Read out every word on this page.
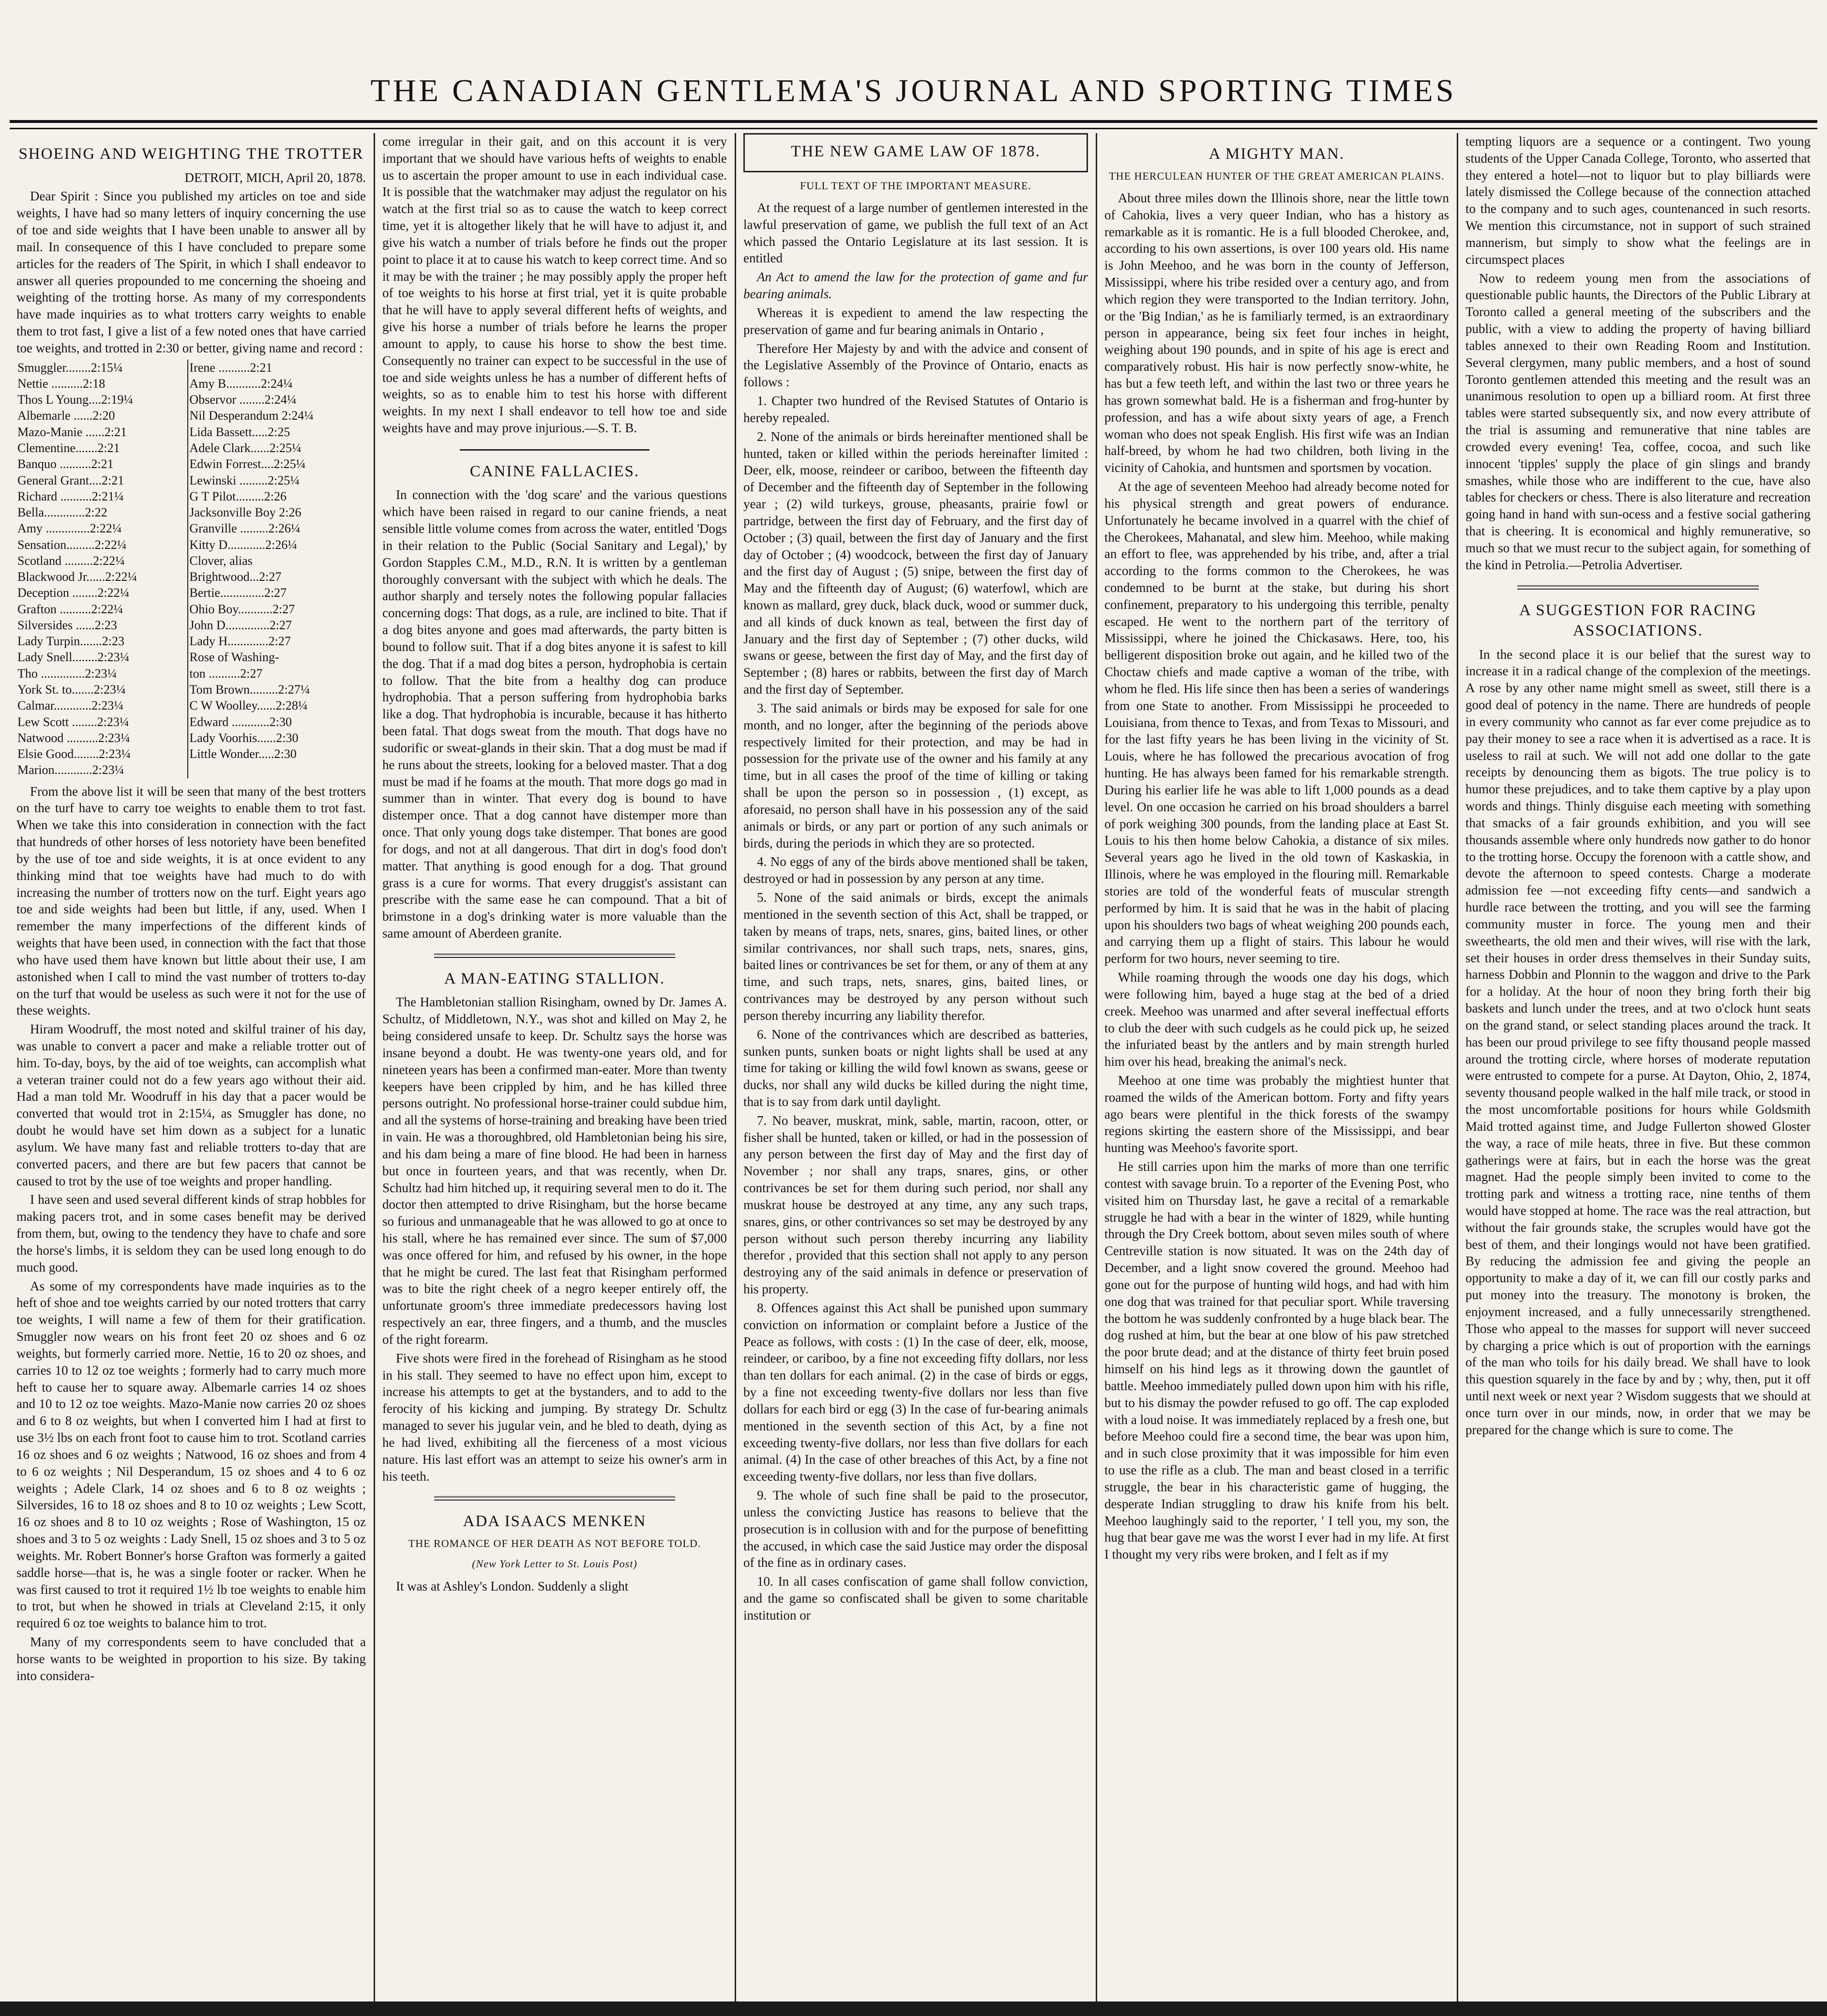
THE CANADIAN GENTLEMA'S JOURNAL AND SPORTING TIMES
SHOEING AND WEIGHTING THE TROTTER

DETROIT, MICH, April 20, 1878.

Dear Spirit : Since you published my articles on toe and side weights, I have had so many letters of inquiry concerning the use of toe and side weights that I have been unable to answer all by mail. In consequence of this I have concluded to prepare some articles for the readers of The Spirit, in which I shall endeavor to answer all queries propounded to me concerning the shoeing and weighting of the trotting horse. As many of my correspondents have made inquiries as to what trotters carry weights to enable them to trot fast, I give a list of a few noted ones that have carried toe weights, and trotted in 2:30 or better, giving name and record :

Smuggler........2:15¼	Irene ..........2:21
Nettie ..........2:18	Amy B...........2:24¼
Thos L Young....2:19¼	Observor ........2:24¼
Albemarle ......2:20	Nil Desperandum 2:24¼
Mazo-Manie ......2:21	Lida Bassett.....2:25
Clementine.......2:21	Adele Clark......2:25¼
Banquo ..........2:21	Edwin Forrest....2:25¼
General Grant....2:21	Lewinski .........2:25¼
Richard ..........2:21¼	G T Pilot.........2:26
Bella.............2:22	Jacksonville Boy 2:26
Amy ..............2:22¼	Granville .........2:26¼
Sensation.........2:22¼	Kitty D............2:26¼
Scotland .........2:22¼	Clover, alias
Blackwood Jr......2:22¼	Brightwood...2:27
Deception ........2:22¼	Bertie..............2:27
Grafton ..........2:22¼	Ohio Boy...........2:27
Silversides ......2:23	John D..............2:27
Lady Turpin.......2:23	Lady H.............2:27
Lady Snell........2:23¼	Rose of Washing-
Tho ..............2:23¼	ton ..........2:27
York St. to.......2:23¼	Tom Brown.........2:27¼
Calmar............2:23¼	C W Woolley......2:28¼
Lew Scott ........2:23¼	Edward ............2:30
Natwood ..........2:23¼	Lady Voorhis......2:30
Elsie Good........2:23¼	Little Wonder.....2:30
Marion............2:23¼	

From the above list it will be seen that many of the best trotters on the turf have to carry toe weights to enable them to trot fast. When we take this into consideration in connection with the fact that hundreds of other horses of less notoriety have been benefited by the use of toe and side weights, it is at once evident to any thinking mind that toe weights have had much to do with increasing the number of trotters now on the turf. Eight years ago toe and side weights had been but little, if any, used. When I remember the many imperfections of the different kinds of weights that have been used, in connection with the fact that those who have used them have known but little about their use, I am astonished when I call to mind the vast number of trotters to-day on the turf that would be useless as such were it not for the use of these weights.

Hiram Woodruff, the most noted and skilful trainer of his day, was unable to convert a pacer and make a reliable trotter out of him. To-day, boys, by the aid of toe weights, can accomplish what a veteran trainer could not do a few years ago without their aid. Had a man told Mr. Woodruff in his day that a pacer would be converted that would trot in 2:15¼, as Smuggler has done, no doubt he would have set him down as a subject for a lunatic asylum. We have many fast and reliable trotters to-day that are converted pacers, and there are but few pacers that cannot be caused to trot by the use of toe weights and proper handling.

I have seen and used several different kinds of strap hobbles for making pacers trot, and in some cases benefit may be derived from them, but, owing to the tendency they have to chafe and sore the horse's limbs, it is seldom they can be used long enough to do much good.

As some of my correspondents have made inquiries as to the heft of shoe and toe weights carried by our noted trotters that carry toe weights, I will name a few of them for their gratification. Smuggler now wears on his front feet 20 oz shoes and 6 oz weights, but formerly carried more. Nettie, 16 to 20 oz shoes, and carries 10 to 12 oz toe weights ; formerly had to carry much more heft to cause her to square away. Albemarle carries 14 oz shoes and 10 to 12 oz toe weights. Mazo-Manie now carries 20 oz shoes and 6 to 8 oz weights, but when I converted him I had at first to use 3½ lbs on each front foot to cause him to trot. Scotland carries 16 oz shoes and 6 oz weights ; Natwood, 16 oz shoes and from 4 to 6 oz weights ; Nil Desperandum, 15 oz shoes and 4 to 6 oz weights ; Adele Clark, 14 oz shoes and 6 to 8 oz weights ; Silversides, 16 to 18 oz shoes and 8 to 10 oz weights ; Lew Scott, 16 oz shoes and 8 to 10 oz weights ; Rose of Washington, 15 oz shoes and 3 to 5 oz weights : Lady Snell, 15 oz shoes and 3 to 5 oz weights. Mr. Robert Bonner's horse Grafton was formerly a gaited saddle horse—that is, he was a single footer or racker. When he was first caused to trot it required 1½ lb toe weights to enable him to trot, but when he showed in trials at Cleveland 2:15, it only required 6 oz toe weights to balance him to trot.

Many of my correspondents seem to have concluded that a horse wants to be weighted in proportion to his size. By taking into considera-

come irregular in their gait, and on this account it is very important that we should have various hefts of weights to enable us to ascertain the proper amount to use in each individual case. It is possible that the watchmaker may adjust the regulator on his watch at the first trial so as to cause the watch to keep correct time, yet it is altogether likely that he will have to adjust it, and give his watch a number of trials before he finds out the proper point to place it at to cause his watch to keep correct time. And so it may be with the trainer ; he may possibly apply the proper heft of toe weights to his horse at first trial, yet it is quite probable that he will have to apply several different hefts of weights, and give his horse a number of trials before he learns the proper amount to apply, to cause his horse to show the best time. Consequently no trainer can expect to be successful in the use of toe and side weights unless he has a number of different hefts of weights, so as to enable him to test his horse with different weights. In my next I shall endeavor to tell how toe and side weights have and may prove injurious.—S. T. B.

CANINE FALLACIES.

In connection with the 'dog scare' and the various questions which have been raised in regard to our canine friends, a neat sensible little volume comes from across the water, entitled 'Dogs in their relation to the Public (Social Sanitary and Legal),' by Gordon Stapples C.M., M.D., R.N. It is written by a gentleman thoroughly conversant with the subject with which he deals. The author sharply and tersely notes the following popular fallacies concerning dogs: That dogs, as a rule, are inclined to bite. That if a dog bites anyone and goes mad afterwards, the party bitten is bound to follow suit. That if a dog bites anyone it is safest to kill the dog. That if a mad dog bites a person, hydrophobia is certain to follow. That the bite from a healthy dog can produce hydrophobia. That a person suffering from hydrophobia barks like a dog. That hydrophobia is incurable, because it has hitherto been fatal. That dogs sweat from the mouth. That dogs have no sudorific or sweat-glands in their skin. That a dog must be mad if he runs about the streets, looking for a beloved master. That a dog must be mad if he foams at the mouth. That more dogs go mad in summer than in winter. That every dog is bound to have distemper once. That a dog cannot have distemper more than once. That only young dogs take distemper. That bones are good for dogs, and not at all dangerous. That dirt in dog's food don't matter. That anything is good enough for a dog. That ground grass is a cure for worms. That every druggist's assistant can prescribe with the same ease he can compound. That a bit of brimstone in a dog's drinking water is more valuable than the same amount of Aberdeen granite.

A MAN-EATING STALLION.

The Hambletonian stallion Risingham, owned by Dr. James A. Schultz, of Middletown, N.Y., was shot and killed on May 2, he being considered unsafe to keep. Dr. Schultz says the horse was insane beyond a doubt. He was twenty-one years old, and for nineteen years has been a confirmed man-eater. More than twenty keepers have been crippled by him, and he has killed three persons outright. No professional horse-trainer could subdue him, and all the systems of horse-training and breaking have been tried in vain. He was a thoroughbred, old Hambletonian being his sire, and his dam being a mare of fine blood. He had been in harness but once in fourteen years, and that was recently, when Dr. Schultz had him hitched up, it requiring several men to do it. The doctor then attempted to drive Risingham, but the horse became so furious and unmanageable that he was allowed to go at once to his stall, where he has remained ever since. The sum of $7,000 was once offered for him, and refused by his owner, in the hope that he might be cured. The last feat that Risingham performed was to bite the right cheek of a negro keeper entirely off, the unfortunate groom's three immediate predecessors having lost respectively an ear, three fingers, and a thumb, and the muscles of the right forearm.

Five shots were fired in the forehead of Risingham as he stood in his stall. They seemed to have no effect upon him, except to increase his attempts to get at the bystanders, and to add to the ferocity of his kicking and jumping. By strategy Dr. Schultz managed to sever his jugular vein, and he bled to death, dying as he had lived, exhibiting all the fierceness of a most vicious nature. His last effort was an attempt to seize his owner's arm in his teeth.

ADA ISAACS MENKEN
THE ROMANCE OF HER DEATH AS NOT BEFORE TOLD.
(New York Letter to St. Louis Post)

It was at Ashley's London. Suddenly a slight

THE NEW GAME LAW OF 1878.
FULL TEXT OF THE IMPORTANT MEASURE.

At the request of a large number of gentlemen interested in the lawful preservation of game, we publish the full text of an Act which passed the Ontario Legislature at its last session. It is entitled

An Act to amend the law for the protection of game and fur bearing animals.

Whereas it is expedient to amend the law respecting the preservation of game and fur bearing animals in Ontario ,

Therefore Her Majesty by and with the advice and consent of the Legislative Assembly of the Province of Ontario, enacts as follows :

1. Chapter two hundred of the Revised Statutes of Ontario is hereby repealed.

2. None of the animals or birds hereinafter mentioned shall be hunted, taken or killed within the periods hereinafter limited : Deer, elk, moose, reindeer or cariboo, between the fifteenth day of December and the fifteenth day of September in the following year ; (2) wild turkeys, grouse, pheasants, prairie fowl or partridge, between the first day of February, and the first day of October ; (3) quail, between the first day of January and the first day of October ; (4) woodcock, between the first day of January and the first day of August ; (5) snipe, between the first day of May and the fifteenth day of August; (6) waterfowl, which are known as mallard, grey duck, black duck, wood or summer duck, and all kinds of duck known as teal, between the first day of January and the first day of September ; (7) other ducks, wild swans or geese, between the first day of May, and the first day of September ; (8) hares or rabbits, between the first day of March and the first day of September.

3. The said animals or birds may be exposed for sale for one month, and no longer, after the beginning of the periods above respectively limited for their protection, and may be had in possession for the private use of the owner and his family at any time, but in all cases the proof of the time of killing or taking shall be upon the person so in possession , (1) except, as aforesaid, no person shall have in his possession any of the said animals or birds, or any part or portion of any such animals or birds, during the periods in which they are so protected.

4. No eggs of any of the birds above mentioned shall be taken, destroyed or had in possession by any person at any time.

5. None of the said animals or birds, except the animals mentioned in the seventh section of this Act, shall be trapped, or taken by means of traps, nets, snares, gins, baited lines, or other similar contrivances, nor shall such traps, nets, snares, gins, baited lines or contrivances be set for them, or any of them at any time, and such traps, nets, snares, gins, baited lines, or contrivances may be destroyed by any person without such person thereby incurring any liability therefor.

6. None of the contrivances which are described as batteries, sunken punts, sunken boats or night lights shall be used at any time for taking or killing the wild fowl known as swans, geese or ducks, nor shall any wild ducks be killed during the night time, that is to say from dark until daylight.

7. No beaver, muskrat, mink, sable, martin, racoon, otter, or fisher shall be hunted, taken or killed, or had in the possession of any person between the first day of May and the first day of November ; nor shall any traps, snares, gins, or other contrivances be set for them during such period, nor shall any muskrat house be destroyed at any time, any any such traps, snares, gins, or other contrivances so set may be destroyed by any person without such person thereby incurring any liability therefor , provided that this section shall not apply to any person destroying any of the said animals in defence or preservation of his property.

8. Offences against this Act shall be punished upon summary conviction on information or complaint before a Justice of the Peace as follows, with costs : (1) In the case of deer, elk, moose, reindeer, or cariboo, by a fine not exceeding fifty dollars, nor less than ten dollars for each animal. (2) in the case of birds or eggs, by a fine not exceeding twenty-five dollars nor less than five dollars for each bird or egg (3) In the case of fur-bearing animals mentioned in the seventh section of this Act, by a fine not exceeding twenty-five dollars, nor less than five dollars for each animal. (4) In the case of other breaches of this Act, by a fine not exceeding twenty-five dollars, nor less than five dollars.

9. The whole of such fine shall be paid to the prosecutor, unless the convicting Justice has reasons to believe that the prosecution is in collusion with and for the purpose of benefitting the accused, in which case the said Justice may order the disposal of the fine as in ordinary cases.

10. In all cases confiscation of game shall follow conviction, and the game so confiscated shall be given to some charitable institution or

A MIGHTY MAN.
THE HERCULEAN HUNTER OF THE GREAT AMERICAN PLAINS.

About three miles down the Illinois shore, near the little town of Cahokia, lives a very queer Indian, who has a history as remarkable as it is romantic. He is a full blooded Cherokee, and, according to his own assertions, is over 100 years old. His name is John Meehoo, and he was born in the county of Jefferson, Mississippi, where his tribe resided over a century ago, and from which region they were transported to the Indian territory. John, or the 'Big Indian,' as he is familiarly termed, is an extraordinary person in appearance, being six feet four inches in height, weighing about 190 pounds, and in spite of his age is erect and comparatively robust. His hair is now perfectly snow-white, he has but a few teeth left, and within the last two or three years he has grown somewhat bald. He is a fisherman and frog-hunter by profession, and has a wife about sixty years of age, a French woman who does not speak English. His first wife was an Indian half-breed, by whom he had two children, both living in the vicinity of Cahokia, and huntsmen and sportsmen by vocation.

At the age of seventeen Meehoo had already become noted for his physical strength and great powers of endurance. Unfortunately he became involved in a quarrel with the chief of the Cherokees, Mahanatal, and slew him. Meehoo, while making an effort to flee, was apprehended by his tribe, and, after a trial according to the forms common to the Cherokees, he was condemned to be burnt at the stake, but during his short confinement, preparatory to his undergoing this terrible, penalty escaped. He went to the northern part of the territory of Mississippi, where he joined the Chickasaws. Here, too, his belligerent disposition broke out again, and he killed two of the Choctaw chiefs and made captive a woman of the tribe, with whom he fled. His life since then has been a series of wanderings from one State to another. From Mississippi he proceeded to Louisiana, from thence to Texas, and from Texas to Missouri, and for the last fifty years he has been living in the vicinity of St. Louis, where he has followed the precarious avocation of frog hunting. He has always been famed for his remarkable strength. During his earlier life he was able to lift 1,000 pounds as a dead level. On one occasion he carried on his broad shoulders a barrel of pork weighing 300 pounds, from the landing place at East St. Louis to his then home below Cahokia, a distance of six miles. Several years ago he lived in the old town of Kaskaskia, in Illinois, where he was employed in the flouring mill. Remarkable stories are told of the wonderful feats of muscular strength performed by him. It is said that he was in the habit of placing upon his shoulders two bags of wheat weighing 200 pounds each, and carrying them up a flight of stairs. This labour he would perform for two hours, never seeming to tire.

While roaming through the woods one day his dogs, which were following him, bayed a huge stag at the bed of a dried creek. Meehoo was unarmed and after several ineffectual efforts to club the deer with such cudgels as he could pick up, he seized the infuriated beast by the antlers and by main strength hurled him over his head, breaking the animal's neck.

Meehoo at one time was probably the mightiest hunter that roamed the wilds of the American bottom. Forty and fifty years ago bears were plentiful in the thick forests of the swampy regions skirting the eastern shore of the Mississippi, and bear hunting was Meehoo's favorite sport.

He still carries upon him the marks of more than one terrific contest with savage bruin. To a reporter of the Evening Post, who visited him on Thursday last, he gave a recital of a remarkable struggle he had with a bear in the winter of 1829, while hunting through the Dry Creek bottom, about seven miles south of where Centreville station is now situated. It was on the 24th day of December, and a light snow covered the ground. Meehoo had gone out for the purpose of hunting wild hogs, and had with him one dog that was trained for that peculiar sport. While traversing the bottom he was suddenly confronted by a huge black bear. The dog rushed at him, but the bear at one blow of his paw stretched the poor brute dead; and at the distance of thirty feet bruin posed himself on his hind legs as it throwing down the gauntlet of battle. Meehoo immediately pulled down upon him with his rifle, but to his dismay the powder refused to go off. The cap exploded with a loud noise. It was immediately replaced by a fresh one, but before Meehoo could fire a second time, the bear was upon him, and in such close proximity that it was impossible for him even to use the rifle as a club. The man and beast closed in a terrific struggle, the bear in his characteristic game of hugging, the desperate Indian struggling to draw his knife from his belt. Meehoo laughingly said to the reporter, ' I tell you, my son, the hug that bear gave me was the worst I ever had in my life. At first I thought my very ribs were broken, and I felt as if my

tempting liquors are a sequence or a contingent. Two young students of the Upper Canada College, Toronto, who asserted that they entered a hotel—not to liquor but to play billiards were lately dismissed the College because of the connection attached to the company and to such ages, countenanced in such resorts. We mention this circumstance, not in support of such strained mannerism, but simply to show what the feelings are in circumspect places

Now to redeem young men from the associations of questionable public haunts, the Directors of the Public Library at Toronto called a general meeting of the subscribers and the public, with a view to adding the property of having billiard tables annexed to their own Reading Room and Institution. Several clergymen, many public members, and a host of sound Toronto gentlemen attended this meeting and the result was an unanimous resolution to open up a billiard room. At first three tables were started subsequently six, and now every attribute of the trial is assuming and remunerative that nine tables are crowded every evening! Tea, coffee, cocoa, and such like innocent 'tipples' supply the place of gin slings and brandy smashes, while those who are indifferent to the cue, have also tables for checkers or chess. There is also literature and recreation going hand in hand with sun-ocess and a festive social gathering that is cheering. It is economical and highly remunerative, so much so that we must recur to the subject again, for something of the kind in Petrolia.—Petrolia Advertiser.

A SUGGESTION FOR RACING ASSOCIATIONS.

In the second place it is our belief that the surest way to increase it in a radical change of the complexion of the meetings. A rose by any other name might smell as sweet, still there is a good deal of potency in the name. There are hundreds of people in every community who cannot as far ever come prejudice as to pay their money to see a race when it is advertised as a race. It is useless to rail at such. We will not add one dollar to the gate receipts by denouncing them as bigots. The true policy is to humor these prejudices, and to take them captive by a play upon words and things. Thinly disguise each meeting with something that smacks of a fair grounds exhibition, and you will see thousands assemble where only hundreds now gather to do honor to the trotting horse. Occupy the forenoon with a cattle show, and devote the afternoon to speed contests. Charge a moderate admission fee —not exceeding fifty cents—and sandwich a hurdle race between the trotting, and you will see the farming community muster in force. The young men and their sweethearts, the old men and their wives, will rise with the lark, set their houses in order dress themselves in their Sunday suits, harness Dobbin and Plonnin to the waggon and drive to the Park for a holiday. At the hour of noon they bring forth their big baskets and lunch under the trees, and at two o'clock hunt seats on the grand stand, or select standing places around the track. It has been our proud privilege to see fifty thousand people massed around the trotting circle, where horses of moderate reputation were entrusted to compete for a purse. At Dayton, Ohio, 2, 1874, seventy thousand people walked in the half mile track, or stood in the most uncomfortable positions for hours while Goldsmith Maid trotted against time, and Judge Fullerton showed Gloster the way, a race of mile heats, three in five. But these common gatherings were at fairs, but in each the horse was the great magnet. Had the people simply been invited to come to the trotting park and witness a trotting race, nine tenths of them would have stopped at home. The race was the real attraction, but without the fair grounds stake, the scruples would have got the best of them, and their longings would not have been gratified. By reducing the admission fee and giving the people an opportunity to make a day of it, we can fill our costly parks and put money into the treasury. The monotony is broken, the enjoyment increased, and a fully unnecessarily strengthened. Those who appeal to the masses for support will never succeed by charging a price which is out of proportion with the earnings of the man who toils for his daily bread. We shall have to look this question squarely in the face by and by ; why, then, put it off until next week or next year ? Wisdom suggests that we should at once turn over in our minds, now, in order that we may be prepared for the change which is sure to come. The
